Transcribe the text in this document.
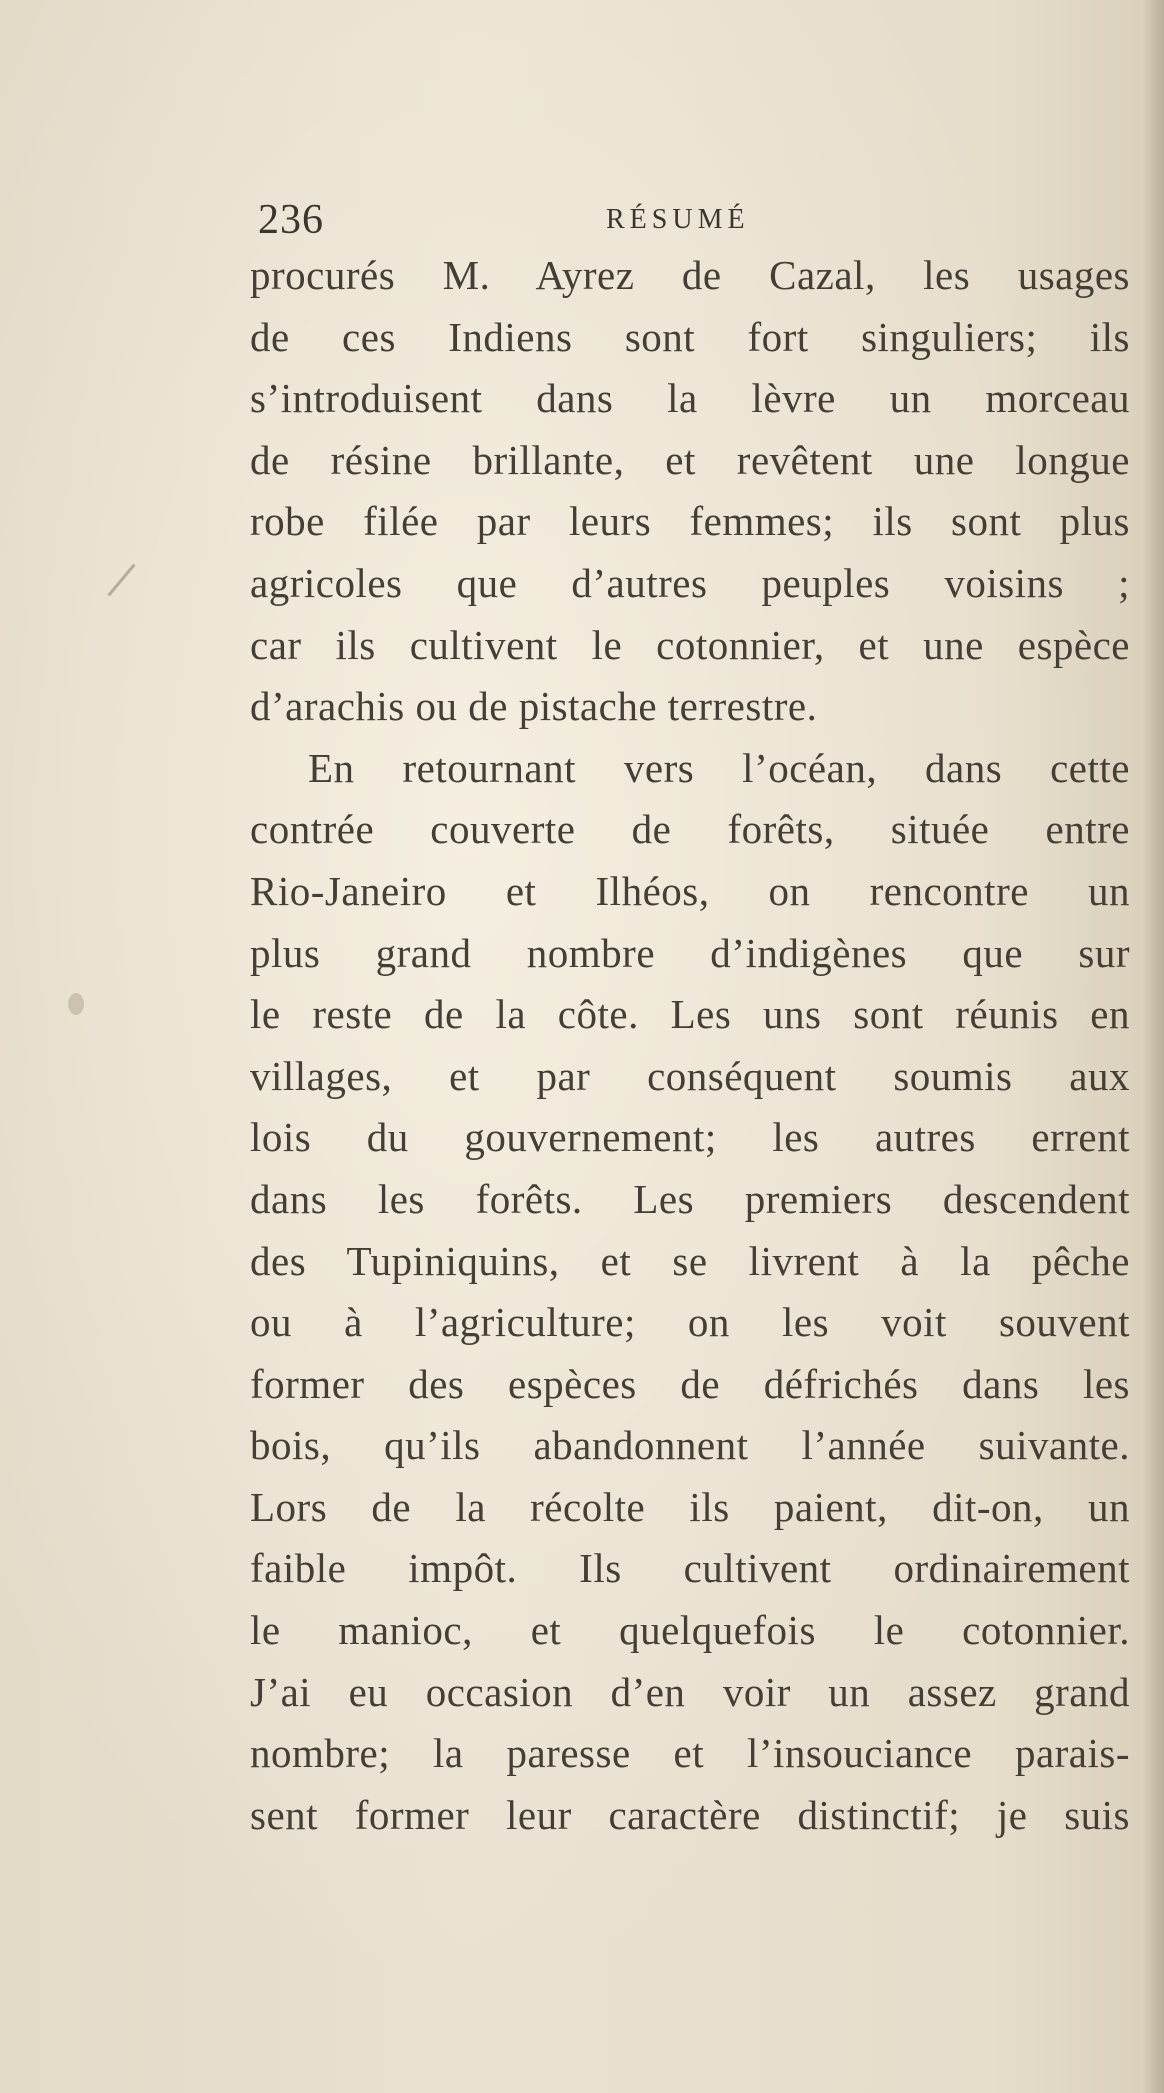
236	RÉSUMÉ
procurés M. Ayrez de Cazal, les usages
de ces Indiens sont fort singuliers; ils
s’introduisent dans la lèvre un morceau
de résine brillante, et revêtent une longue
robe filée par leurs femmes; ils sont plus
agricoles que d’autres peuples voisins ;
car ils cultivent le cotonnier, et une espèce
d’arachis ou de pistache terrestre.
En retournant vers l’océan, dans cette
contrée couverte de forêts, située entre
Rio-Janeiro et Ilhéos, on rencontre un
plus grand nombre d’indigènes que sur
le reste de la côte. Les uns sont réunis en
villages, et par conséquent soumis aux
lois du gouvernement; les autres errent
dans les forêts. Les premiers descendent
des Tupiniquins, et se livrent à la pêche
ou à l’agriculture; on les voit souvent
former des espèces de défrichés dans les
bois, qu’ils abandonnent l’année suivante.
Lors de la récolte ils paient, dit-on, un
faible impôt. Ils cultivent ordinairement
le manioc, et quelquefois le cotonnier.
J’ai eu occasion d’en voir un assez grand
nombre; la paresse et l’insouciance parais-
sent former leur caractère distinctif; je suis
